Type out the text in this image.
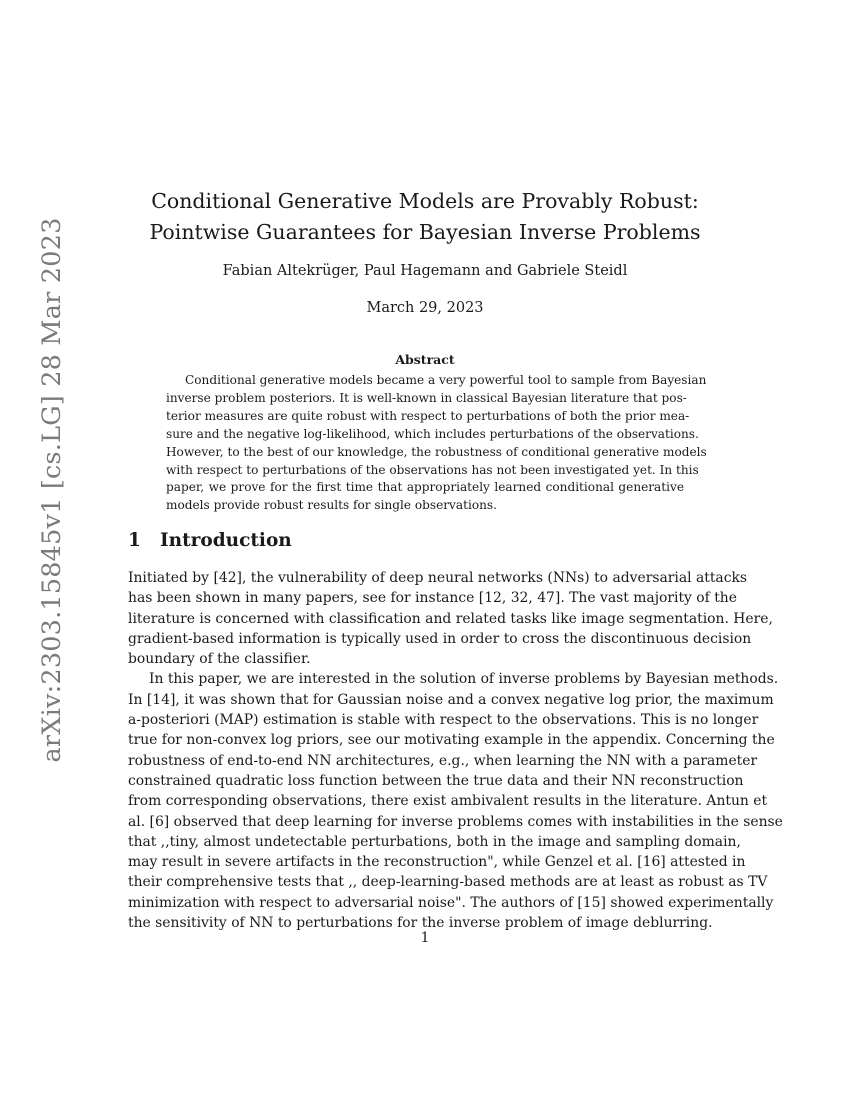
arXiv:2303.15845v1 [cs.LG] 28 Mar 2023
Conditional Generative Models are Provably Robust:
Pointwise Guarantees for Bayesian Inverse Problems
Fabian Altekrüger, Paul Hagemann and Gabriele Steidl
March 29, 2023
Abstract
Conditional generative models became a very powerful tool to sample from Bayesian
inverse problem posteriors. It is well-known in classical Bayesian literature that pos-
terior measures are quite robust with respect to perturbations of both the prior mea-
sure and the negative log-likelihood, which includes perturbations of the observations.
However, to the best of our knowledge, the robustness of conditional generative models
with respect to perturbations of the observations has not been investigated yet. In this
paper, we prove for the first time that appropriately learned conditional generative
models provide robust results for single observations.
1 Introduction
Initiated by [42], the vulnerability of deep neural networks (NNs) to adversarial attacks
has been shown in many papers, see for instance [12, 32, 47]. The vast majority of the
literature is concerned with classification and related tasks like image segmentation. Here,
gradient-based information is typically used in order to cross the discontinuous decision
boundary of the classifier.
In this paper, we are interested in the solution of inverse problems by Bayesian methods.
In [14], it was shown that for Gaussian noise and a convex negative log prior, the maximum
a-posteriori (MAP) estimation is stable with respect to the observations. This is no longer
true for non-convex log priors, see our motivating example in the appendix. Concerning the
robustness of end-to-end NN architectures, e.g., when learning the NN with a parameter
constrained quadratic loss function between the true data and their NN reconstruction
from corresponding observations, there exist ambivalent results in the literature. Antun et
al. [6] observed that deep learning for inverse problems comes with instabilities in the sense
that ,,tiny, almost undetectable perturbations, both in the image and sampling domain,
may result in severe artifacts in the reconstruction", while Genzel et al. [16] attested in
their comprehensive tests that ,, deep-learning-based methods are at least as robust as TV
minimization with respect to adversarial noise". The authors of [15] showed experimentally
the sensitivity of NN to perturbations for the inverse problem of image deblurring.
1
